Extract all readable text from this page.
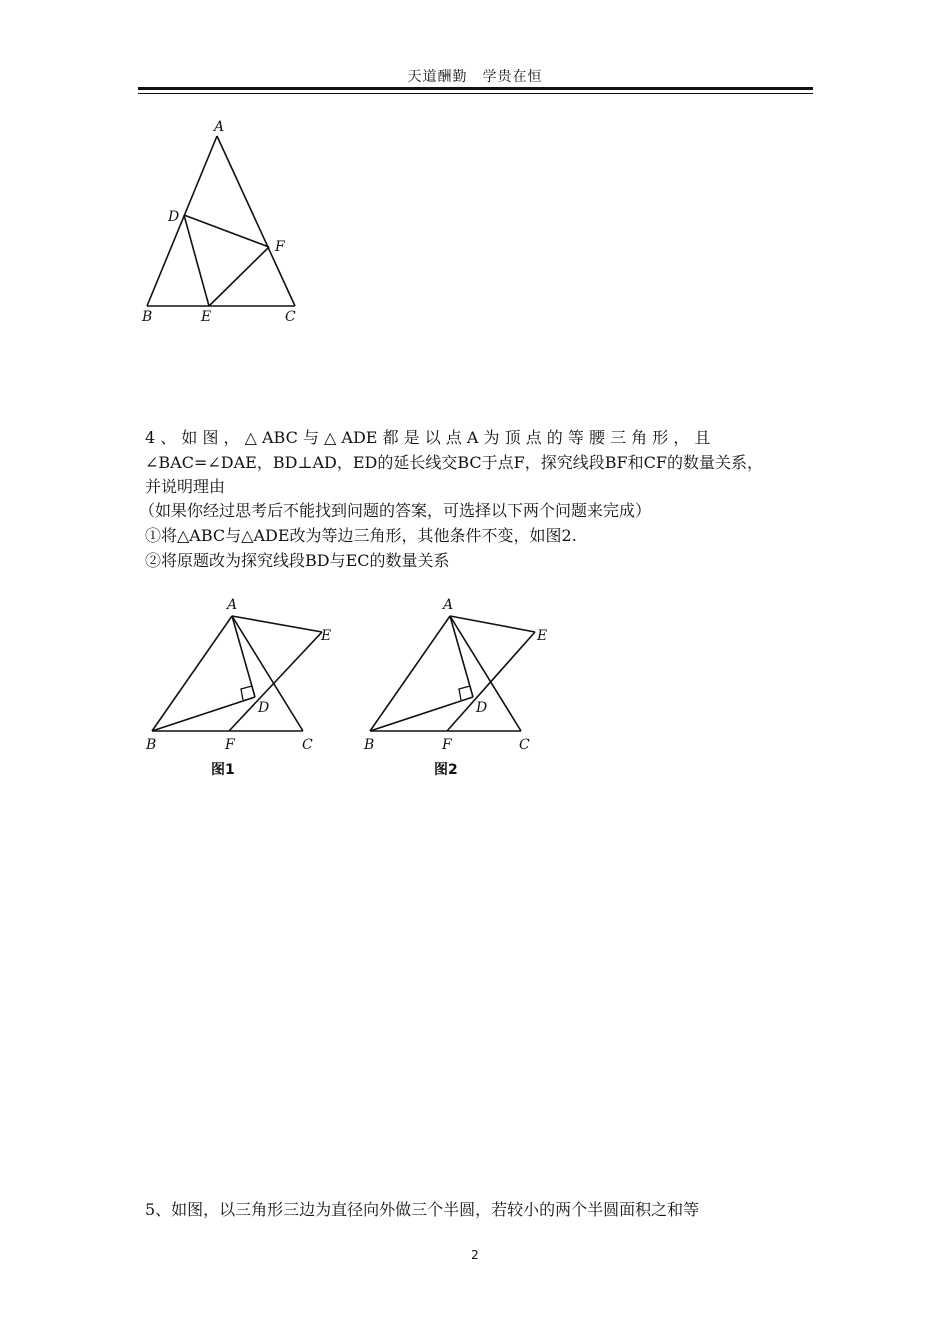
天道酬勤　学贵在恒
A
B	C
D
E
F
4 、 如 图 ， △ ABC 与 △ ADE 都 是 以 点 A 为 顶 点 的 等 腰 三 角 形 ， 且
∠BAC=∠DAE，BD⊥AD，ED的延长线交BC于点F，探究线段BF和CF的数量关系，
并说明理由
（如果你经过思考后不能找到问题的答案，可选择以下两个问题来完成）
①将△ABC与△ADE改为等边三角形，其他条件不变，如图2.
②将原题改为探究线段BD与EC的数量关系
A
B	C
D
E
F
图1
A
B	C
D
E
F
图2
5、如图，以三角形三边为直径向外做三个半圆，若较小的两个半圆面积之和等
2
